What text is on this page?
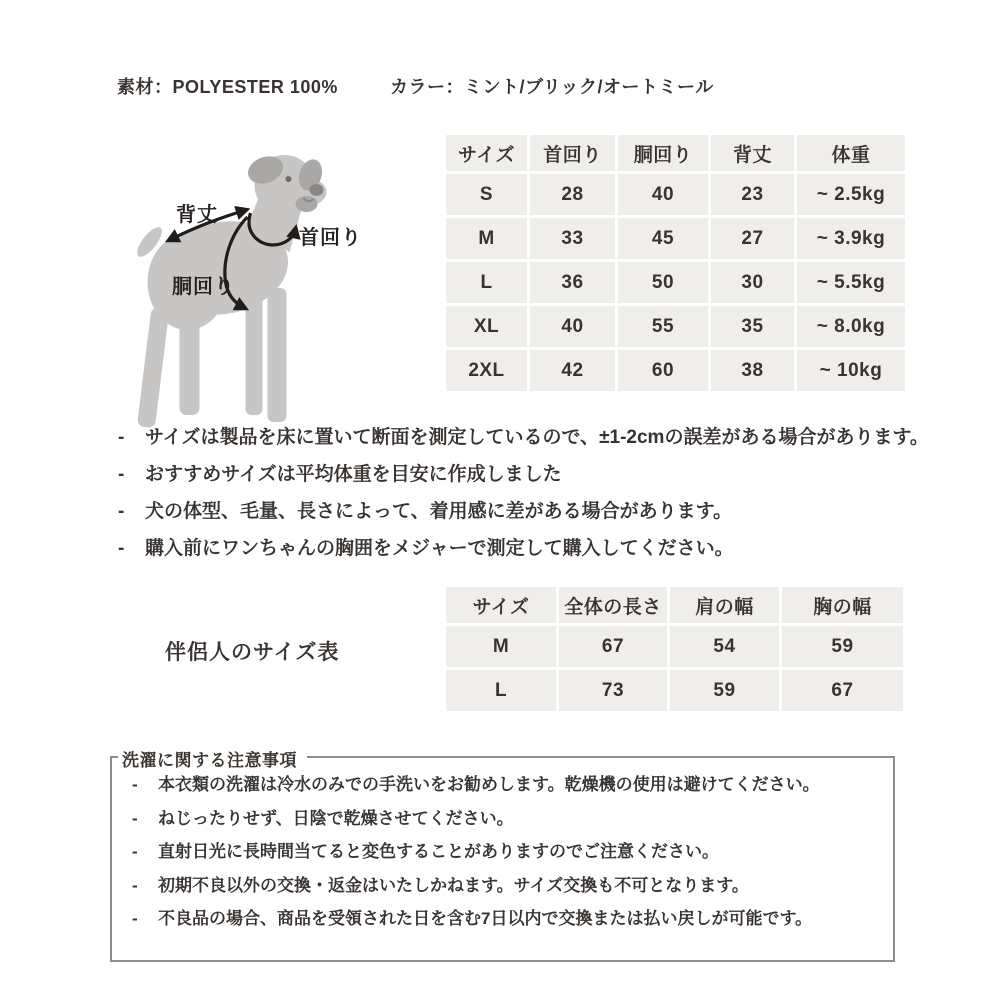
素材：POLYESTER 100%	カラー：ミント/ブリック/オートミール
背丈
首回り
胴回り
サイズ	首回り	胴回り	背丈	体重
S	28	40	23	~ 2.5kg
M	33	45	27	~ 3.9kg
L	36	50	30	~ 5.5kg
XL	40	55	35	~ 8.0kg
2XL	42	60	38	~ 10kg
-	サイズは製品を床に置いて断面を測定しているので、±1-2cmの誤差がある場合があります。
-	おすすめサイズは平均体重を目安に作成しました
-	犬の体型、毛量、長さによって、着用感に差がある場合があります。
-	購入前にワンちゃんの胸囲をメジャーで測定して購入してください。
伴侶人のサイズ表
サイズ	全体の長さ	肩の幅	胸の幅
M	67	54	59
L	73	59	67
洗濯に関する注意事項
-	本衣類の洗濯は冷水のみでの手洗いをお勧めします。乾燥機の使用は避けてください。
-	ねじったりせず、日陰で乾燥させてください。
-	直射日光に長時間当てると変色することがありますのでご注意ください。
-	初期不良以外の交換・返金はいたしかねます。サイズ交換も不可となります。
-	不良品の場合、商品を受領された日を含む7日以内で交換または払い戻しが可能です。
